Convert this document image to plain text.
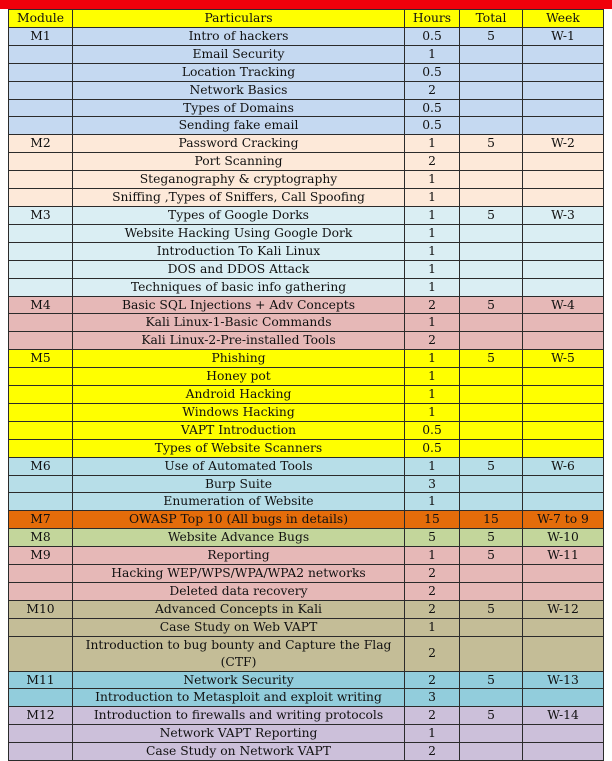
Module	Particulars	Hours	Total	Week
M1	Intro of hackers	0.5	5	W-1
	Email Security	1		
	Location Tracking	0.5		
	Network Basics	2		
	Types of Domains	0.5		
	Sending fake email	0.5		
M2	Password Cracking	1	5	W-2
	Port Scanning	2		
	Steganography & cryptography	1		
	Sniffing ,Types of Sniffers, Call Spoofing	1		
M3	Types of Google Dorks	1	5	W-3
	Website Hacking Using Google Dork	1		
	Introduction To Kali Linux	1		
	DOS and DDOS Attack	1		
	Techniques of basic info gathering	1		
M4	Basic SQL Injections + Adv Concepts	2	5	W-4
	Kali Linux-1-Basic Commands	1		
	Kali Linux-2-Pre-installed Tools	2		
M5	Phishing	1	5	W-5
	Honey pot	1		
	Android Hacking	1		
	Windows Hacking	1		
	VAPT Introduction	0.5		
	Types of Website Scanners	0.5		
M6	Use of Automated Tools	1	5	W-6
	Burp Suite	3		
	Enumeration of Website	1		
M7	OWASP Top 10 (All bugs in details)	15	15	W-7 to 9
M8	Website Advance Bugs	5	5	W-10
M9	Reporting	1	5	W-11
	Hacking WEP/WPS/WPA/WPA2 networks	2		
	Deleted data recovery	2		
M10	Advanced Concepts in Kali	2	5	W-12
	Case Study on Web VAPT	1		
	Introduction to bug bounty and Capture the Flag (CTF)	2		
M11	Network Security	2	5	W-13
	Introduction to Metasploit and exploit writing	3		
M12	Introduction to firewalls and writing protocols	2	5	W-14
	Network VAPT Reporting	1		
	Case Study on Network VAPT	2		
